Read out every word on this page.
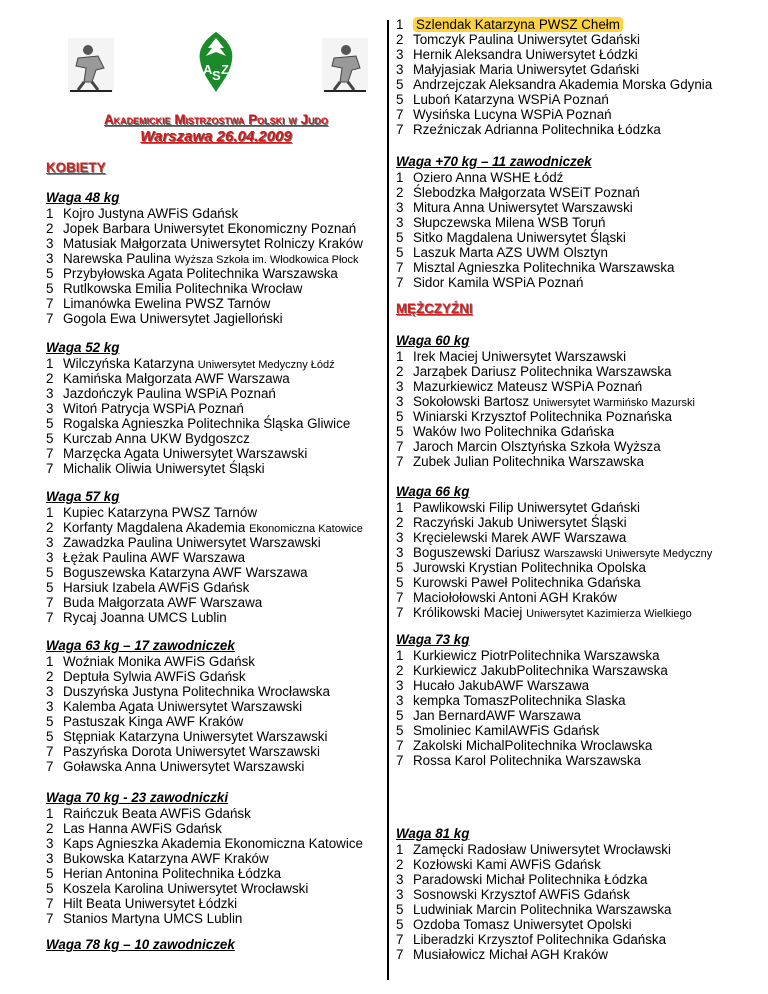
A S Z
Akademickie Mistrzostwa Polski w Judo
Warszawa 26.04.2009
KOBIETY
Waga 48 kg
1 Kojro Justyna AWFiS Gdańsk
2 Jopek Barbara Uniwersytet Ekonomiczny Poznań
3 Matusiak Małgorzata Uniwersytet Rolniczy Kraków
3 Narewska Paulina Wyższa Szkoła im. Włodkowica Płock
5 Przybyłowska Agata Politechnika Warszawska
5 Rutlkowska Emilia Politechnika Wrocław
7 Limanówka Ewelina PWSZ Tarnów
7 Gogola Ewa Uniwersytet Jagielloński
Waga 52 kg
1 Wilczyńska Katarzyna Uniwersytet Medyczny Łódź
2 Kamińska Małgorzata AWF Warszawa
3 Jazdończyk Paulina WSPiA Poznań
3 Witoń Patrycja WSPiA Poznań
5 Rogalska Agnieszka Politechnika Śląska Gliwice
5 Kurczab Anna UKW Bydgoszcz
7 Marzęcka Agata Uniwersytet Warszawski
7 Michalik Oliwia Uniwersytet Śląski
Waga 57 kg
1 Kupiec Katarzyna PWSZ Tarnów
2 Korfanty Magdalena Akademia Ekonomiczna Katowice
3 Zawadzka Paulina Uniwersytet Warszawski
3 Łężak Paulina AWF Warszawa
5 Boguszewska Katarzyna AWF Warszawa
5 Harsiuk Izabela AWFiS Gdańsk
7 Buda Małgorzata AWF Warszawa
7 Rycaj Joanna UMCS Lublin
Waga 63 kg – 17 zawodniczek
1 Woźniak Monika AWFiS Gdańsk
2 Deptuła Sylwia AWFiS Gdańsk
3 Duszyńska Justyna Politechnika Wrocławska
3 Kalemba Agata Uniwersytet Warszawski
5 Pastuszak Kinga AWF Kraków
5 Stępniak Katarzyna Uniwersytet Warszawski
7 Paszyńska Dorota Uniwersytet Warszawski
7 Goławska Anna Uniwersytet Warszawski
Waga 70 kg - 23 zawodniczki
1 Raińczuk Beata AWFiS Gdańsk
2 Las Hanna AWFiS Gdańsk
3 Kaps Agnieszka Akademia Ekonomiczna Katowice
3 Bukowska Katarzyna AWF Kraków
5 Herian Antonina Politechnika Łódzka
5 Koszela Karolina Uniwersytet Wrocławski
7 Hilt Beata Uniwersytet Łódzki
7 Stanios Martyna UMCS Lublin
Waga 78 kg – 10 zawodniczek
1 Szlendak Katarzyna PWSZ Chełm
2 Tomczyk Paulina Uniwersytet Gdański
3 Hernik Aleksandra Uniwersytet Łódzki
3 Małyjasiak Maria Uniwersytet Gdański
5 Andrzejczak Aleksandra Akademia Morska Gdynia
5 Luboń Katarzyna WSPiA Poznań
7 Wysińska Lucyna WSPiA Poznań
7 Rzeźniczak Adrianna Politechnika Łódzka
Waga +70 kg – 11 zawodniczek
1 Oziero Anna WSHE Łódź
2 Ślebodzka Małgorzata WSEiT Poznań
3 Mitura Anna Uniwersytet Warszawski
3 Słupczewska Milena WSB Toruń
5 Sitko Magdalena Uniwersytet Śląski
5 Laszuk Marta AZS UWM Olsztyn
7 Misztal Agnieszka Politechnika Warszawska
7 Sidor Kamila WSPiA Poznań
MĘŻCZYŹNI
Waga 60 kg
1 Irek Maciej Uniwersytet Warszawski
2 Jarząbek Dariusz Politechnika Warszawska
3 Mazurkiewicz Mateusz WSPiA Poznań
3 Sokołowski Bartosz Uniwersytet Warmińsko Mazurski
5 Winiarski Krzysztof Politechnika Poznańska
5 Waków Iwo Politechnika Gdańska
7 Jaroch Marcin Olsztyńska Szkoła Wyższa
7 Zubek Julian Politechnika Warszawska
Waga 66 kg
1 Pawlikowski Filip Uniwersytet Gdański
2 Raczyński Jakub Uniwersytet Śląski
3 Kręcielewski Marek AWF Warszawa
3 Boguszewski Dariusz Warszawski Uniwersyte Medyczny
5 Jurowski Krystian Politechnika Opolska
5 Kurowski Paweł Politechnika Gdańska
7 Maciołołowski Antoni AGH Kraków
7 Królikowski Maciej Uniwersytet Kazimierza Wielkiego
Waga 73 kg
1 Kurkiewicz PiotrPolitechnika Warszawska
2 Kurkiewicz JakubPolitechnika Warszawska
3 Hucało JakubAWF Warszawa
3 kempka TomaszPolitechnika Slaska
5 Jan BernardAWF Warszawa
5 Smoliniec KamilAWFiS Gdańsk
7 Zakolski MichalPolitechnika Wroclawska
7 Rossa Karol Politechnika Warszawska
Waga 81 kg
1 Zamęcki Radosław Uniwersytet Wrocławski
2 Kozłowski Kami AWFiS Gdańsk
3 Paradowski Michał Politechnika Łódzka
3 Sosnowski Krzysztof AWFiS Gdańsk
5 Ludwiniak Marcin Politechnika Warszawska
5 Ozdoba Tomasz Uniwersytet Opolski
7 Liberadzki Krzysztof Politechnika Gdańska
7 Musiałowicz Michał AGH Kraków
